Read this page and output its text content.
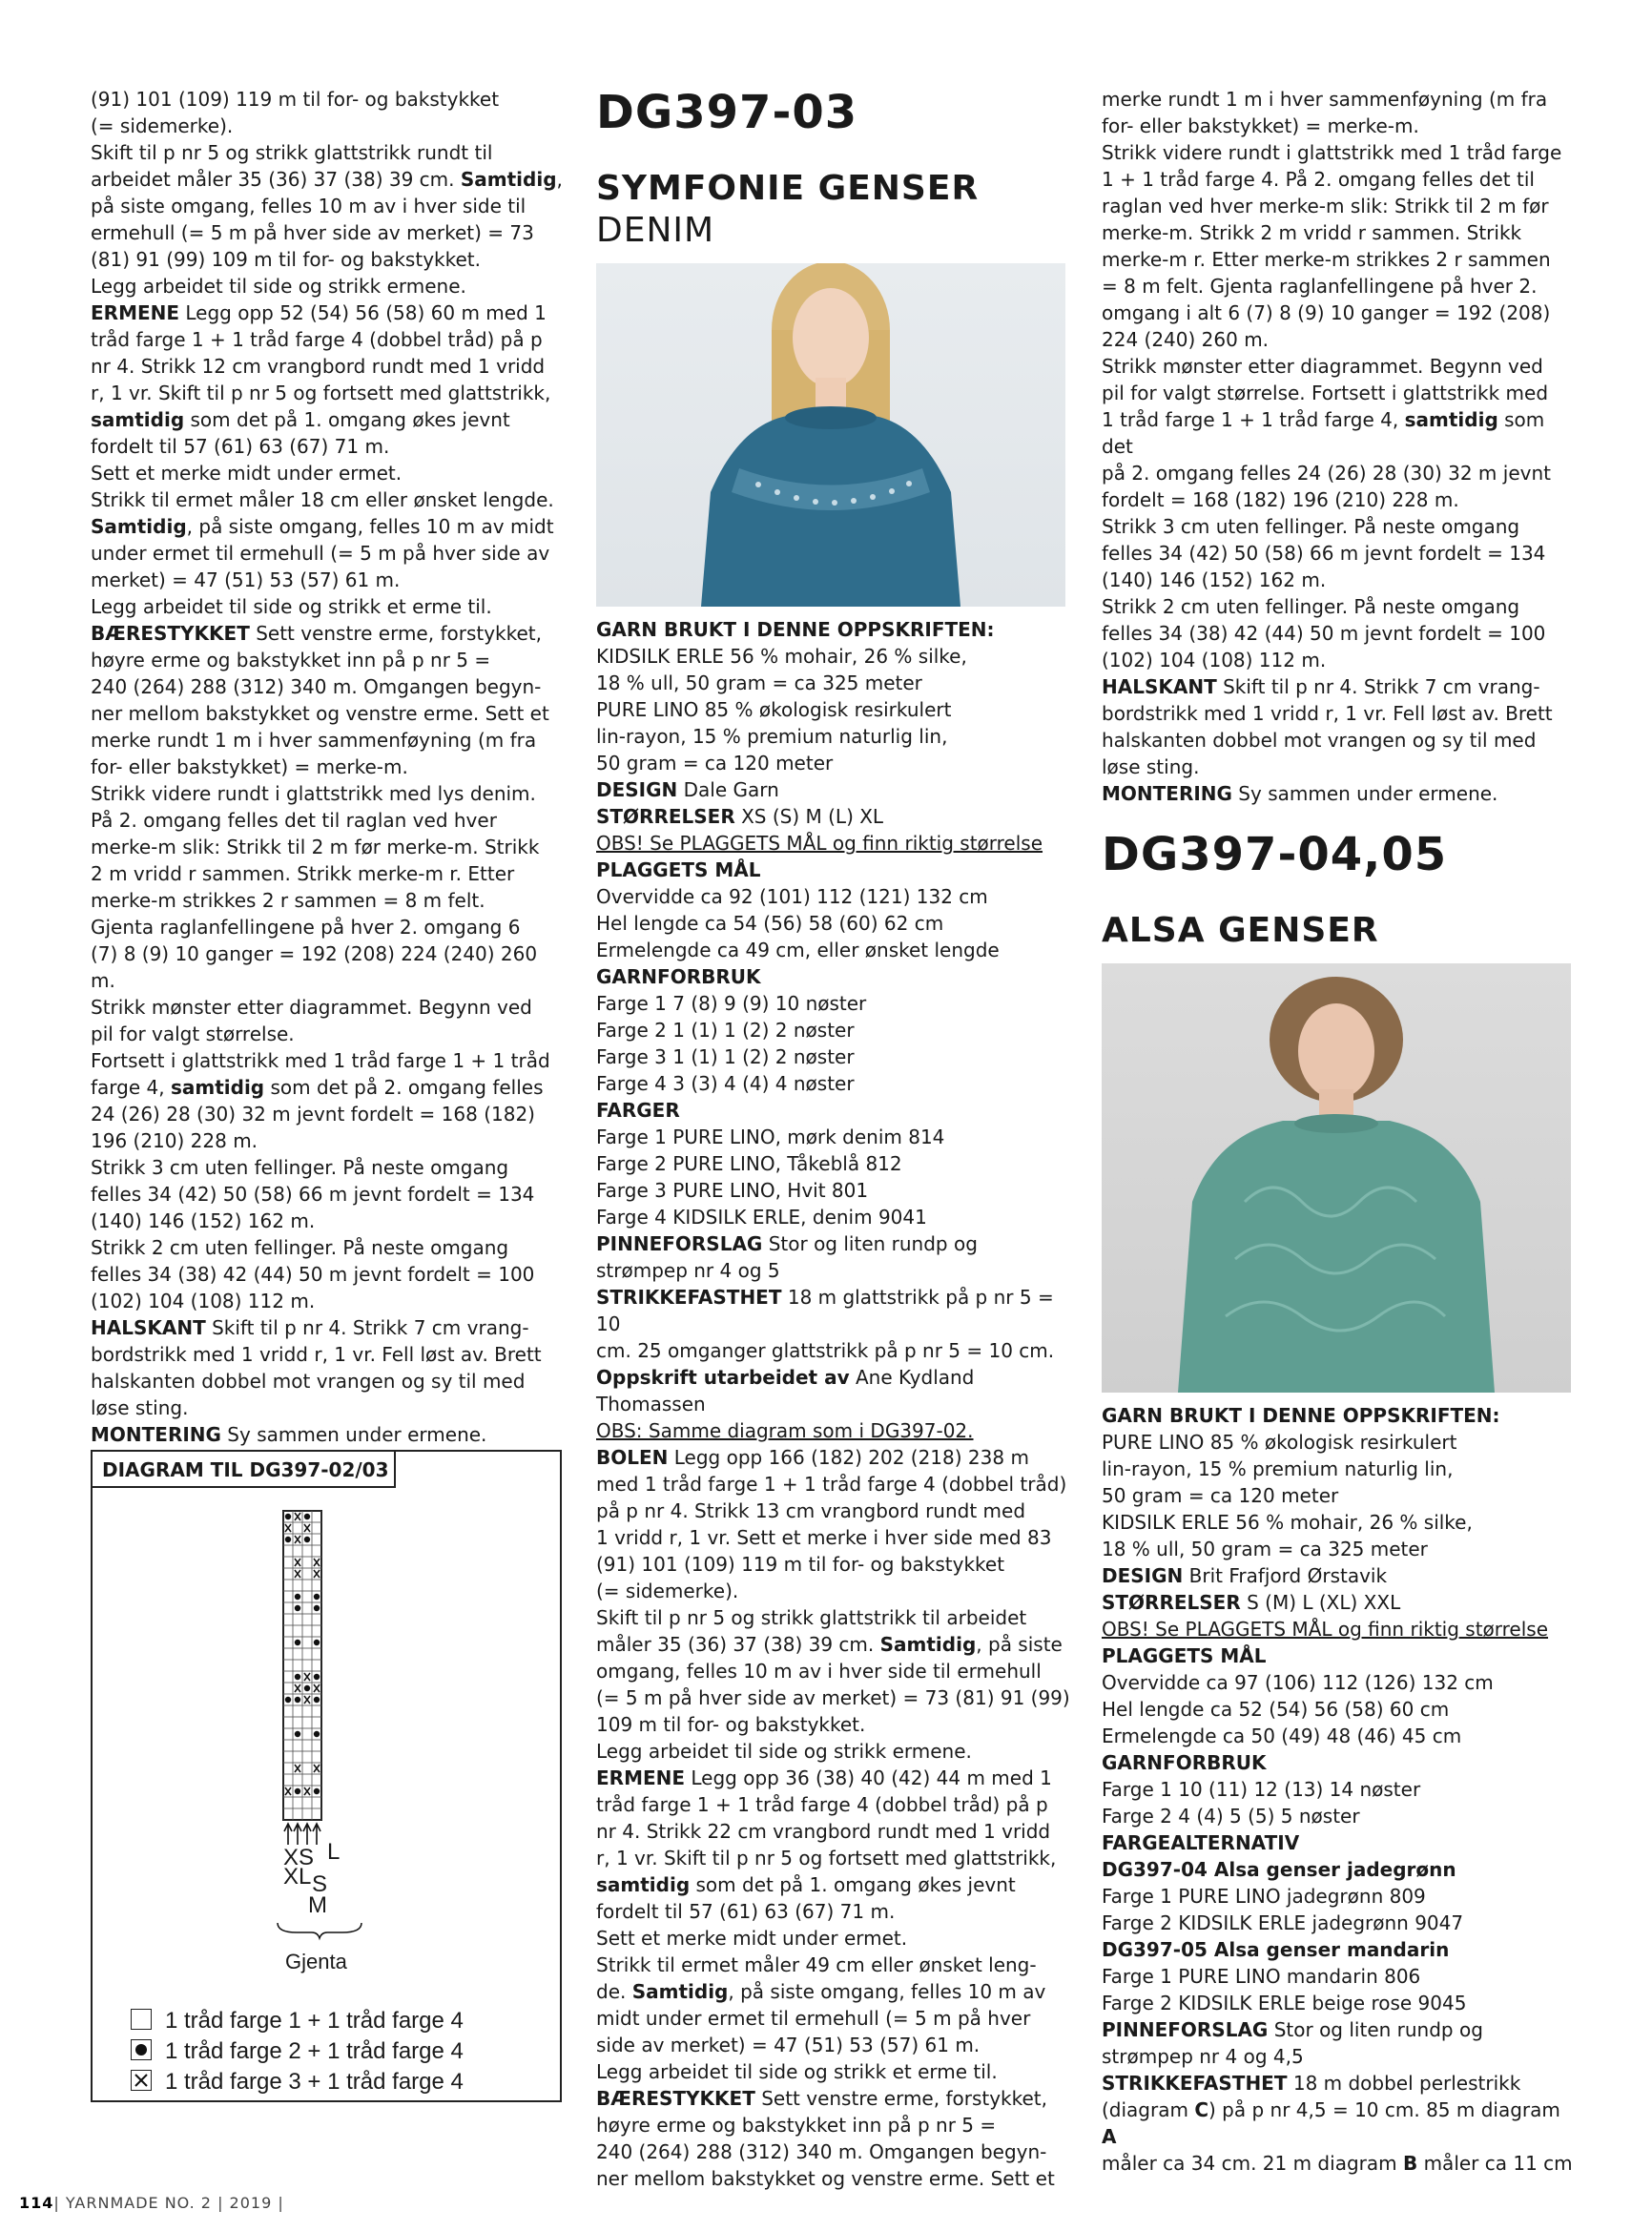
(91) 101 (109) 119 m til for- og bakstykket
(= sidemerke).
Skift til p nr 5 og strikk glattstrikk rundt til
arbeidet måler 35 (36) 37 (38) 39 cm. Samtidig,
på siste omgang, felles 10 m av i hver side til
ermehull (= 5 m på hver side av merket) = 73
(81) 91 (99) 109 m til for- og bakstykket.
Legg arbeidet til side og strikk ermene.
ERMENE Legg opp 52 (54) 56 (58) 60 m med 1
tråd farge 1 + 1 tråd farge 4 (dobbel tråd) på p
nr 4. Strikk 12 cm vrangbord rundt med 1 vridd
r, 1 vr. Skift til p nr 5 og fortsett med glattstrikk,
samtidig som det på 1. omgang økes jevnt
fordelt til 57 (61) 63 (67) 71 m.
Sett et merke midt under ermet.
Strikk til ermet måler 18 cm eller ønsket lengde.
Samtidig, på siste omgang, felles 10 m av midt
under ermet til ermehull (= 5 m på hver side av
merket) = 47 (51) 53 (57) 61 m.
Legg arbeidet til side og strikk et erme til.
BÆRESTYKKET Sett venstre erme, forstykket,
høyre erme og bakstykket inn på p nr 5 =
240 (264) 288 (312) 340 m. Omgangen begyn-
ner mellom bakstykket og venstre erme. Sett et
merke rundt 1 m i hver sammenføyning (m fra
for- eller bakstykket) = merke-m.
Strikk videre rundt i glattstrikk med lys denim.
På 2. omgang felles det til raglan ved hver
merke-m slik: Strikk til 2 m før merke-m. Strikk
2 m vridd r sammen. Strikk merke-m r. Etter
merke-m strikkes 2 r sammen = 8 m felt.
Gjenta raglanfellingene på hver 2. omgang 6
(7) 8 (9) 10 ganger = 192 (208) 224 (240) 260 m.
Strikk mønster etter diagrammet. Begynn ved
pil for valgt størrelse.
Fortsett i glattstrikk med 1 tråd farge 1 + 1 tråd
farge 4, samtidig som det på 2. omgang felles
24 (26) 28 (30) 32 m jevnt fordelt = 168 (182)
196 (210) 228 m.
Strikk 3 cm uten fellinger. På neste omgang
felles 34 (42) 50 (58) 66 m jevnt fordelt = 134
(140) 146 (152) 162 m.
Strikk 2 cm uten fellinger. På neste omgang
felles 34 (38) 42 (44) 50 m jevnt fordelt = 100
(102) 104 (108) 112 m.
HALSKANT Skift til p nr 4. Strikk 7 cm vrang-
bordstrikk med 1 vridd r, 1 vr. Fell løst av. Brett
halskanten dobbel mot vrangen og sy til med
løse sting.
MONTERING Sy sammen under ermene.
DIAGRAM TIL DG397-02/03
XS L
XL S
M
Gjenta
1 tråd farge 1 + 1 tråd farge 4
1 tråd farge 2 + 1 tråd farge 4
1 tråd farge 3 + 1 tråd farge 4
DG397-03
SYMFONIE GENSER
DENIM
GARN BRUKT I DENNE OPPSKRIFTEN:
KIDSILK ERLE 56 % mohair, 26 % silke,
18 % ull, 50 gram = ca 325 meter
PURE LINO 85 % økologisk resirkulert
lin-rayon, 15 % premium naturlig lin,
50 gram = ca 120 meter
DESIGN Dale Garn
STØRRELSER XS (S) M (L) XL
OBS! Se PLAGGETS MÅL og finn riktig størrelse
PLAGGETS MÅL
Overvidde ca 92 (101) 112 (121) 132 cm
Hel lengde ca 54 (56) 58 (60) 62 cm
Ermelengde ca 49 cm, eller ønsket lengde
GARNFORBRUK
Farge 1 7 (8) 9 (9) 10 nøster
Farge 2 1 (1) 1 (2) 2 nøster
Farge 3 1 (1) 1 (2) 2 nøster
Farge 4 3 (3) 4 (4) 4 nøster
FARGER
Farge 1 PURE LINO, mørk denim 814
Farge 2 PURE LINO, Tåkeblå 812
Farge 3 PURE LINO, Hvit 801
Farge 4 KIDSILK ERLE, denim 9041
PINNEFORSLAG Stor og liten rundp og
strømpep nr 4 og 5
STRIKKEFASTHET 18 m glattstrikk på p nr 5 = 10
cm. 25 omganger glattstrikk på p nr 5 = 10 cm.
Oppskrift utarbeidet av Ane Kydland Thomassen
OBS: Samme diagram som i DG397-02.
BOLEN Legg opp 166 (182) 202 (218) 238 m
med 1 tråd farge 1 + 1 tråd farge 4 (dobbel tråd)
på p nr 4. Strikk 13 cm vrangbord rundt med
1 vridd r, 1 vr. Sett et merke i hver side med 83
(91) 101 (109) 119 m til for- og bakstykket
(= sidemerke).
Skift til p nr 5 og strikk glattstrikk til arbeidet
måler 35 (36) 37 (38) 39 cm. Samtidig, på siste
omgang, felles 10 m av i hver side til ermehull
(= 5 m på hver side av merket) = 73 (81) 91 (99)
109 m til for- og bakstykket.
Legg arbeidet til side og strikk ermene.
ERMENE Legg opp 36 (38) 40 (42) 44 m med 1
tråd farge 1 + 1 tråd farge 4 (dobbel tråd) på p
nr 4. Strikk 22 cm vrangbord rundt med 1 vridd
r, 1 vr. Skift til p nr 5 og fortsett med glattstrikk,
samtidig som det på 1. omgang økes jevnt
fordelt til 57 (61) 63 (67) 71 m.
Sett et merke midt under ermet.
Strikk til ermet måler 49 cm eller ønsket leng-
de. Samtidig, på siste omgang, felles 10 m av
midt under ermet til ermehull (= 5 m på hver
side av merket) = 47 (51) 53 (57) 61 m.
Legg arbeidet til side og strikk et erme til.
BÆRESTYKKET Sett venstre erme, forstykket,
høyre erme og bakstykket inn på p nr 5 =
240 (264) 288 (312) 340 m. Omgangen begyn-
ner mellom bakstykket og venstre erme. Sett et
merke rundt 1 m i hver sammenføyning (m fra
for- eller bakstykket) = merke-m.
Strikk videre rundt i glattstrikk med 1 tråd farge
1 + 1 tråd farge 4. På 2. omgang felles det til
raglan ved hver merke-m slik: Strikk til 2 m før
merke-m. Strikk 2 m vridd r sammen. Strikk
merke-m r. Etter merke-m strikkes 2 r sammen
= 8 m felt. Gjenta raglanfellingene på hver 2.
omgang i alt 6 (7) 8 (9) 10 ganger = 192 (208)
224 (240) 260 m.
Strikk mønster etter diagrammet. Begynn ved
pil for valgt størrelse. Fortsett i glattstrikk med
1 tråd farge 1 + 1 tråd farge 4, samtidig som det
på 2. omgang felles 24 (26) 28 (30) 32 m jevnt
fordelt = 168 (182) 196 (210) 228 m.
Strikk 3 cm uten fellinger. På neste omgang
felles 34 (42) 50 (58) 66 m jevnt fordelt = 134
(140) 146 (152) 162 m.
Strikk 2 cm uten fellinger. På neste omgang
felles 34 (38) 42 (44) 50 m jevnt fordelt = 100
(102) 104 (108) 112 m.
HALSKANT Skift til p nr 4. Strikk 7 cm vrang-
bordstrikk med 1 vridd r, 1 vr. Fell løst av. Brett
halskanten dobbel mot vrangen og sy til med
løse sting.
MONTERING Sy sammen under ermene.
DG397-04,05
ALSA GENSER
GARN BRUKT I DENNE OPPSKRIFTEN:
PURE LINO 85 % økologisk resirkulert
lin-rayon, 15 % premium naturlig lin,
50 gram = ca 120 meter
KIDSILK ERLE 56 % mohair, 26 % silke,
18 % ull, 50 gram = ca 325 meter
DESIGN Brit Frafjord Ørstavik
STØRRELSER S (M) L (XL) XXL
OBS! Se PLAGGETS MÅL og finn riktig størrelse
PLAGGETS MÅL
Overvidde ca 97 (106) 112 (126) 132 cm
Hel lengde ca 52 (54) 56 (58) 60 cm
Ermelengde ca 50 (49) 48 (46) 45 cm
GARNFORBRUK
Farge 1 10 (11) 12 (13) 14 nøster
Farge 2 4 (4) 5 (5) 5 nøster
FARGEALTERNATIV
DG397-04 Alsa genser jadegrønn
Farge 1 PURE LINO jadegrønn 809
Farge 2 KIDSILK ERLE jadegrønn 9047
DG397-05 Alsa genser mandarin
Farge 1 PURE LINO mandarin 806
Farge 2 KIDSILK ERLE beige rose 9045
PINNEFORSLAG Stor og liten rundp og
strømpep nr 4 og 4,5
STRIKKEFASTHET 18 m dobbel perlestrikk
(diagram C) på p nr 4,5 = 10 cm. 85 m diagram A
måler ca 34 cm. 21 m diagram B måler ca 11 cm
114| YARNMADE NO. 2 | 2019 |
